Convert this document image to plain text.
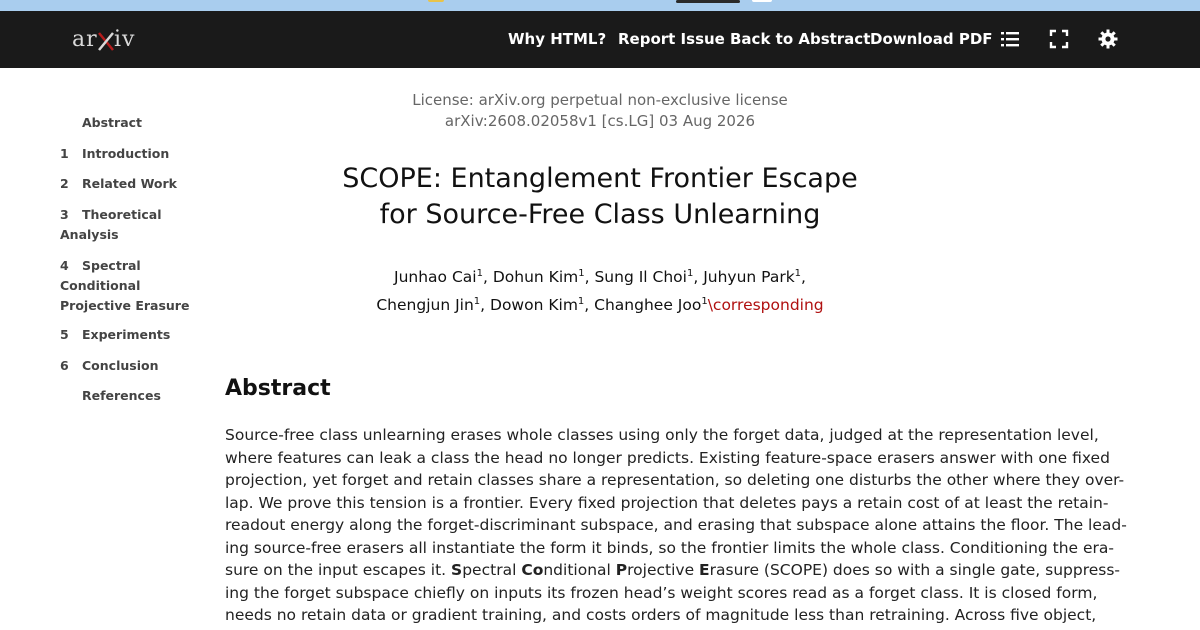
ar iv	Why HTML? Report Issue Back to Abstract Download PDF
Abstract
1 Introduction
2 Related Work
3 Theoretical Analysis
4 Spectral Conditional Projective Erasure
5 Experiments
6 Conclusion
References
License: arXiv.org perpetual non-exclusive license
arXiv:2608.02058v1 [cs.LG] 03 Aug 2026
SCOPE: Entanglement Frontier Escape
for Source-Free Class Unlearning
Junhao Cai$^1$, Dohun Kim$^1$, Sung Il Choi$^1$, Juhyun Park$^1$,
Chengjun Jin$^1$, Dowon Kim$^1$, Changhee Joo$^1$\corresponding
Abstract
Source-free class unlearning erases whole classes using only the forget data, judged at the representation level,
where features can leak a class the head no longer predicts. Existing feature-space erasers answer with one fixed
projection, yet forget and retain classes share a representation, so deleting one disturbs the other where they over-
lap. We prove this tension is a frontier. Every fixed projection that deletes pays a retain cost of at least the retain-
readout energy along the forget-discriminant subspace, and erasing that subspace alone attains the floor. The lead-
ing source-free erasers all instantiate the form it binds, so the frontier limits the whole class. Conditioning the era-
sure on the input escapes it. Spectral Conditional Projective Erasure (SCOPE) does so with a single gate, suppress-
ing the forget subspace chiefly on inputs its frozen head’s weight scores read as a forget class. It is closed form,
needs no retain data or gradient training, and costs orders of magnitude less than retraining. Across five object,
